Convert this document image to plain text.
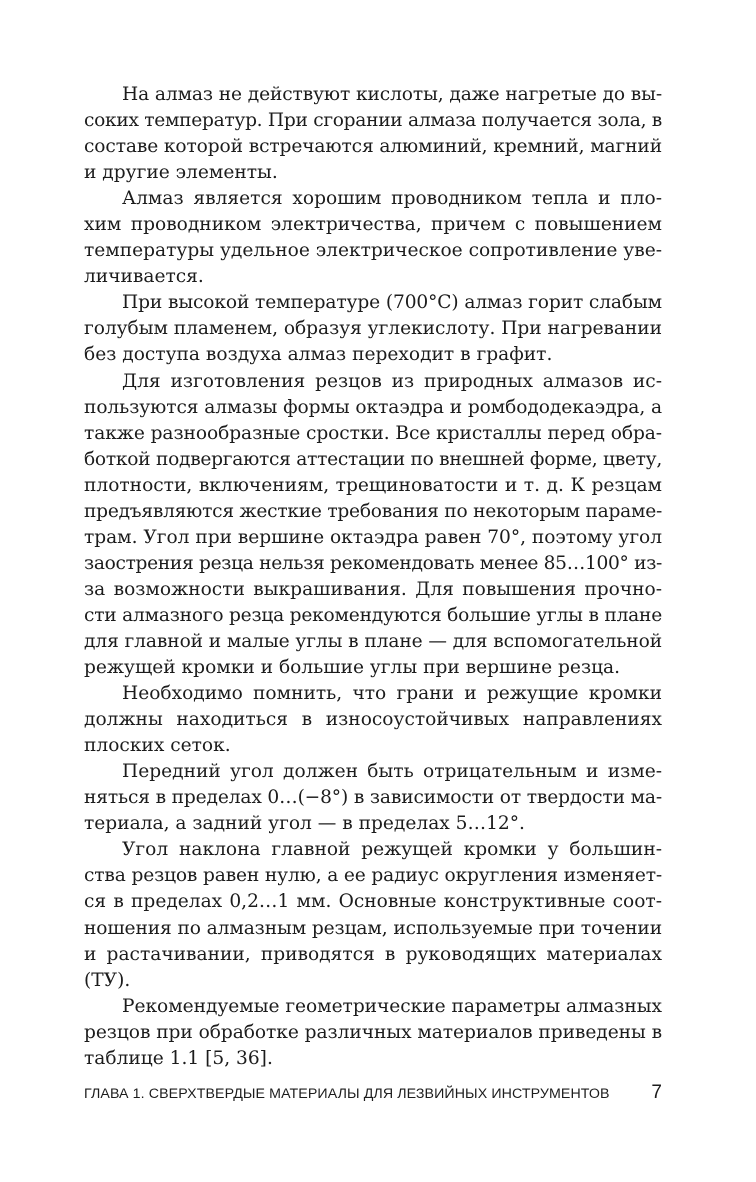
На алмаз не действуют кислоты, даже нагретые до вы-
соких температур. При сгорании алмаза получается зола, в
составе которой встречаются алюминий, кремний, магний
и другие элементы.

Алмаз является хорошим проводником тепла и пло-
хим проводником электричества, причем с повышением
температуры удельное электрическое сопротивление уве-
личивается.

При высокой температуре (700°С) алмаз горит слабым
голубым пламенем, образуя углекислоту. При нагревании
без доступа воздуха алмаз переходит в графит.

Для изготовления резцов из природных алмазов ис-
пользуются алмазы формы октаэдра и ромбододекаэдра, а
также разнообразные сростки. Все кристаллы перед обра-
боткой подвергаются аттестации по внешней форме, цвету,
плотности, включениям, трещиноватости и т. д. К резцам
предъявляются жесткие требования по некоторым парамe-
трам. Угол при вершине октаэдра равен 70°, поэтому угол
заострения резца нельзя рекомендовать менее 85…100° из-
за возможности выкрашивания. Для повышения прочно-
сти алмазного резца рекомендуются большие углы в плане
для главной и малые углы в плане — для вспомогательной
режущей кромки и большие углы при вершине резца.

Необходимо помнить, что грани и режущие кромки
должны находиться в износоустойчивых направлениях
плоских сеток.

Передний угол должен быть отрицательным и изме-
няться в пределах 0…(−8°) в зависимости от твердости ма-
териала, а задний угол — в пределах 5…12°.

Угол наклона главной режущей кромки у большин-
ства резцов равен нулю, а ее радиус округления изменяет-
ся в пределах 0,2…1 мм. Основные конструктивные соот-
ношения по алмазным резцам, используемые при точении
и растачивании, приводятся в руководящих материалах
(ТУ).

Рекомендуемые геометрические параметры алмазных
резцов при обработке различных материалов приведены в
таблице 1.1 [5, 36].

ГЛАВА 1. СВЕРХТВЕРДЫЕ МАТЕРИАЛЫ ДЛЯ ЛЕЗВИЙНЫХ ИНСТРУМЕНТОВ 7
